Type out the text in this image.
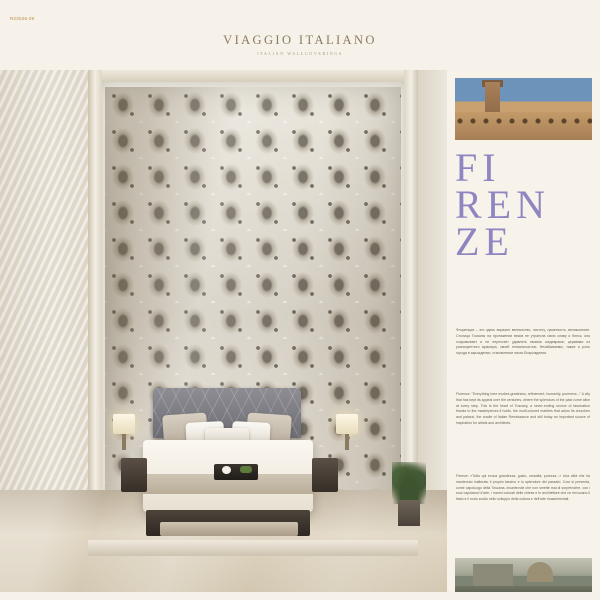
R23026-29
VIAGGIO ITALIANO
ITALIAN WALLCOVERINGS
FI
REN
ZE
Флоренция – это здесь виражит величество, чистоту, гуманность, великолепие. Столица Тосканы на протяжении веков не утратила свою славу и блеск, она очаровывает и не перестает удивлять своими шедеврами, церквями из разноцветного мрамора, своей гениальностью. Незабываемы, также и роль города в зарождении, становлении эпохи Возрождения.
Florence: "Everything here evokes greatness, refinement, humanity, pureness..." A city that has kept its appeal over the centuries, where the splendors of the past come alive at every step. This is the heart of Tuscany, a never-ending source of fascination thanks to the masterpieces it holds, the multi-colored marbles that adorn its churches and palazzi, the cradle of Italian Renaissance and still today an important source of inspiration for artists and architects.
Firenze: «Tutto qui evoca grandezza, gusto, umanità, purezza...» Una città che ha mantenuto inalterato il proprio fascino e lo splendore del passato. Così si presenta, come capoluogo della Toscana, incantevole che non smette mai di sorprendere, con i suoi capolavori d'arte, i marmi colorati delle chiese e le architetture che ne rievocano il fasto e il ruolo svolto nello sviluppo della cultura e dell'arte rinascimentali.
